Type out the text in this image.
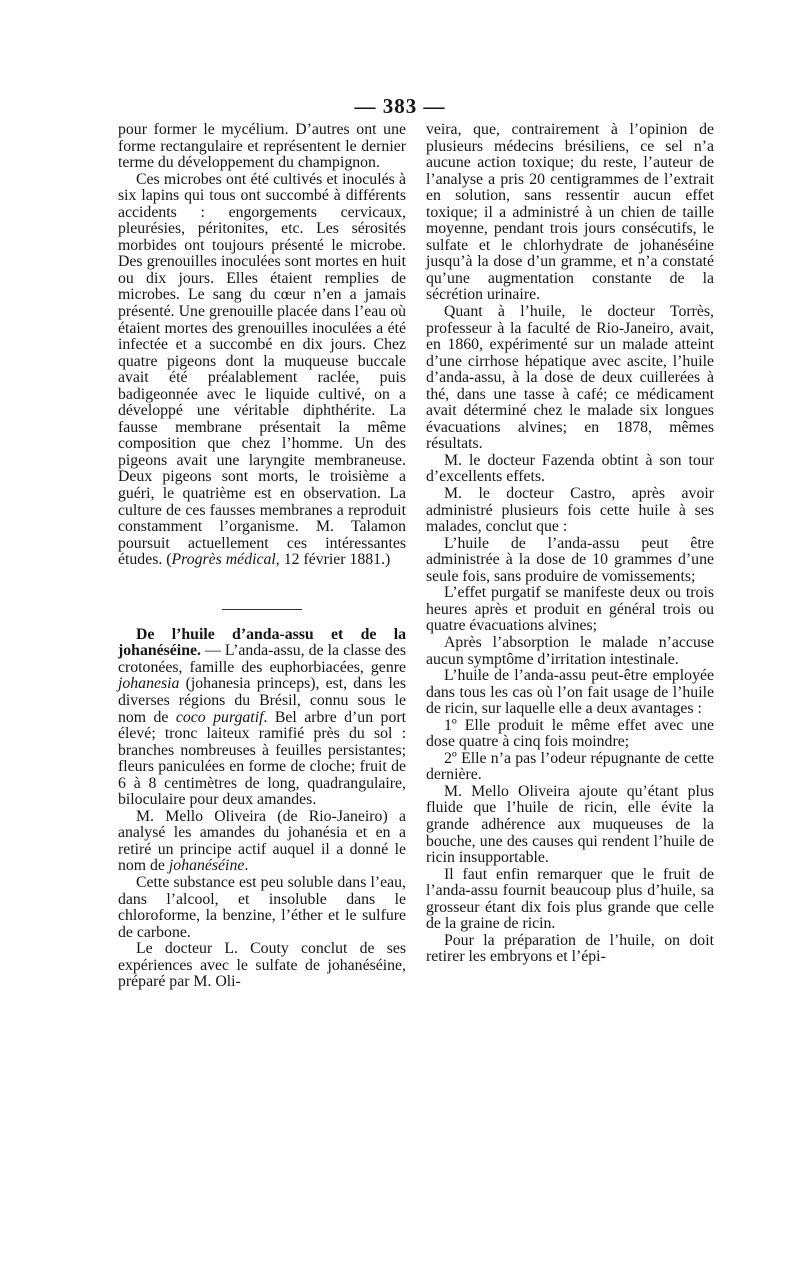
— 383 —

pour former le mycélium. D’autres ont une forme rectangulaire et représentent le dernier terme du développement du champignon.

Ces microbes ont été cultivés et inoculés à six lapins qui tous ont succombé à différents accidents : engorgements cervicaux, pleurésies, péritonites, etc. Les sérosités morbides ont toujours présenté le microbe. Des grenouilles inoculées sont mortes en huit ou dix jours. Elles étaient remplies de microbes. Le sang du cœur n’en a jamais présenté. Une grenouille placée dans l’eau où étaient mortes des grenouilles inoculées a été infectée et a succombé en dix jours. Chez quatre pigeons dont la muqueuse buccale avait été préalablement raclée, puis badigeonnée avec le liquide cultivé, on a développé une véritable diphthérite. La fausse membrane présentait la même composition que chez l’homme. Un des pigeons avait une laryngite membraneuse. Deux pigeons sont morts, le troisième a guéri, le quatrième est en observation. La culture de ces fausses membranes a reproduit constamment l’organisme. M. Talamon poursuit actuellement ces intéressantes études. (Progrès médical, 12 février 1881.)

De l’huile d’anda-assu et de la johanéséine. — L’anda-assu, de la classe des crotonées, famille des euphorbiacées, genre johanesia (johanesia princeps), est, dans les diverses régions du Brésil, connu sous le nom de coco purgatif. Bel arbre d’un port élevé; tronc laiteux ramifié près du sol : branches nombreuses à feuilles persistantes; fleurs paniculées en forme de cloche; fruit de 6 à 8 centimètres de long, quadrangulaire, biloculaire pour deux amandes.

M. Mello Oliveira (de Rio-Janeiro) a analysé les amandes du johanésia et en a retiré un principe actif auquel il a donné le nom de johanéséine.

Cette substance est peu soluble dans l’eau, dans l’alcool, et insoluble dans le chloroforme, la benzine, l’éther et le sulfure de carbone.

Le docteur L. Couty conclut de ses expériences avec le sulfate de johanéséine, préparé par M. Oli-

veira, que, contrairement à l’opinion de plusieurs médecins brésiliens, ce sel n’a aucune action toxique; du reste, l’auteur de l’analyse a pris 20 centigrammes de l’extrait en solution, sans ressentir aucun effet toxique; il a administré à un chien de taille moyenne, pendant trois jours consécutifs, le sulfate et le chlorhydrate de johanéséine jusqu’à la dose d’un gramme, et n’a constaté qu’une augmentation constante de la sécrétion urinaire.

Quant à l’huile, le docteur Torrès, professeur à la faculté de Rio-Janeiro, avait, en 1860, expérimenté sur un malade atteint d’une cirrhose hépatique avec ascite, l’huile d’anda-assu, à la dose de deux cuillerées à thé, dans une tasse à café; ce médicament avait déterminé chez le malade six longues évacuations alvines; en 1878, mêmes résultats.

M. le docteur Fazenda obtint à son tour d’excellents effets.

M. le docteur Castro, après avoir administré plusieurs fois cette huile à ses malades, conclut que :

L’huile de l’anda-assu peut être administrée à la dose de 10 grammes d’une seule fois, sans produire de vomissements;

L’effet purgatif se manifeste deux ou trois heures après et produit en général trois ou quatre évacuations alvines;

Après l’absorption le malade n’accuse aucun symptôme d’irritation intestinale.

L’huile de l’anda-assu peut-être employée dans tous les cas où l’on fait usage de l’huile de ricin, sur laquelle elle a deux avantages :

1º Elle produit le même effet avec une dose quatre à cinq fois moindre;

2º Elle n’a pas l’odeur répugnante de cette dernière.

M. Mello Oliveira ajoute qu’étant plus fluide que l’huile de ricin, elle évite la grande adhérence aux muqueuses de la bouche, une des causes qui rendent l’huile de ricin insupportable.

Il faut enfin remarquer que le fruit de l’anda-assu fournit beaucoup plus d’huile, sa grosseur étant dix fois plus grande que celle de la graine de ricin.

Pour la préparation de l’huile, on doit retirer les embryons et l’épi-
